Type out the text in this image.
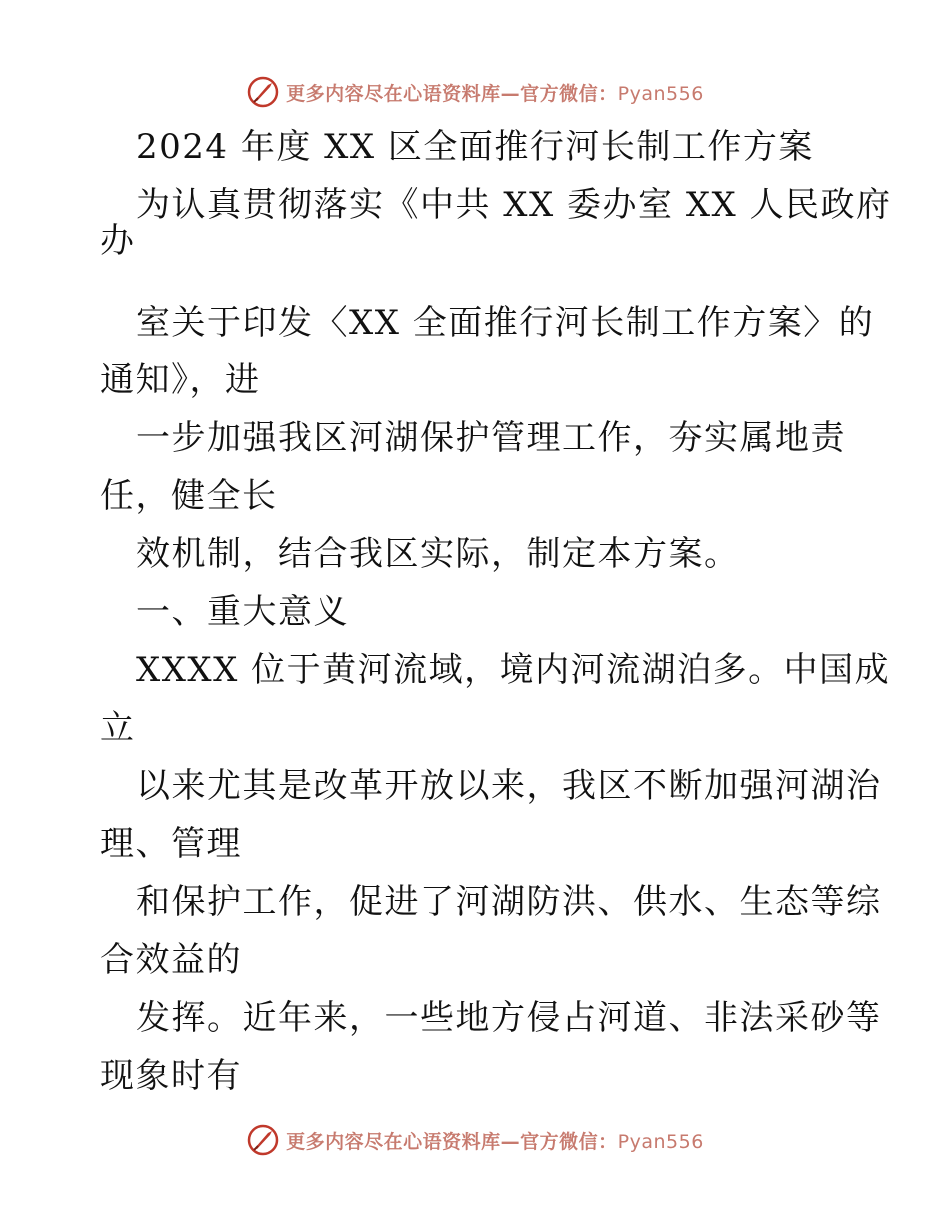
更多内容尽在心语资料库—官方微信：Pyan556
2024 年度 XX 区全面推行河长制工作方案
为认真贯彻落实《中共 XX 委办室 XX 人民政府
办
室关于印发〈XX 全面推行河长制工作方案〉的
通知》，进
一步加强我区河湖保护管理工作，夯实属地责
任，健全长
效机制，结合我区实际，制定本方案。
一、重大意义
XXXX 位于黄河流域，境内河流湖泊多。中国成
立
以来尤其是改革开放以来，我区不断加强河湖治
理、管理
和保护工作，促进了河湖防洪、供水、生态等综
合效益的
发挥。近年来，一些地方侵占河道、非法采砂等
现象时有
更多内容尽在心语资料库—官方微信：Pyan556
